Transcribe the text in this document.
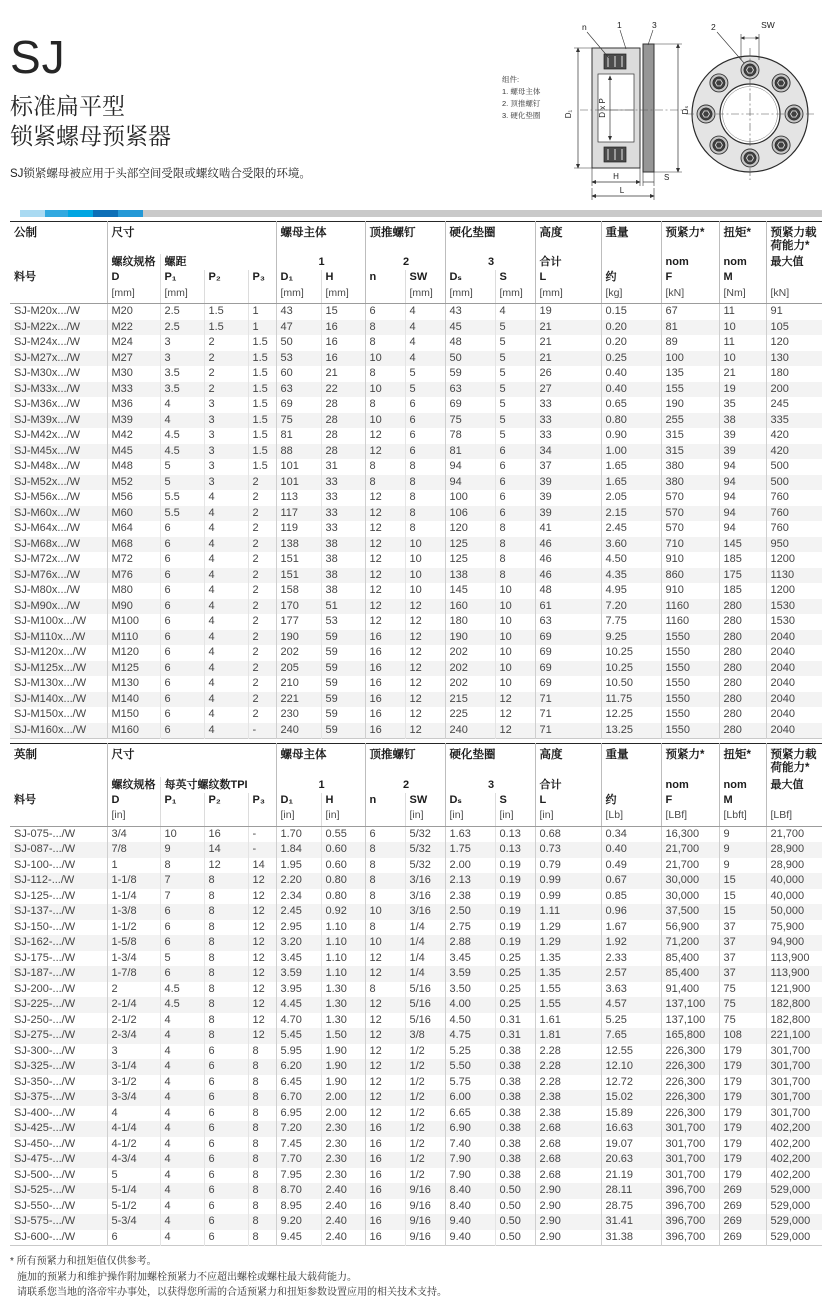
组件:
1. 螺母主体
2. 顶推螺钉
3. 硬化垫圈	D₁	D x P	Dₛ
H	S
L
n	1	3	2	SW
SJ
标准扁平型
锁紧螺母预紧器
SJ锁紧螺母被应用于头部空间受限或螺纹啮合受限的环境。
公制	尺寸				螺母主体		顶推螺钉		硬化垫圈		高度	重量	预紧力*	扭矩*	预紧力载荷能力*
	螺纹规格	螺距			1		2		3		合计		nom	nom	最大值
料号	D	P₁	P₂	P₃	D₁	H	n	SW	Dₛ	S	L	约	F	M	
	[mm]	[mm]			[mm]	[mm]		[mm]	[mm]	[mm]	[mm]	[kg]	[kN]	[Nm]	[kN]
SJ-M20x.../W	M20	2.5	1.5	1	43	15	6	4	43	4	19	0.15	67	11	91
SJ-M22x.../W	M22	2.5	1.5	1	47	16	8	4	45	5	21	0.20	81	10	105
SJ-M24x.../W	M24	3	2	1.5	50	16	8	4	48	5	21	0.20	89	11	120
SJ-M27x.../W	M27	3	2	1.5	53	16	10	4	50	5	21	0.25	100	10	130
SJ-M30x.../W	M30	3.5	2	1.5	60	21	8	5	59	5	26	0.40	135	21	180
SJ-M33x.../W	M33	3.5	2	1.5	63	22	10	5	63	5	27	0.40	155	19	200
SJ-M36x.../W	M36	4	3	1.5	69	28	8	6	69	5	33	0.65	190	35	245
SJ-M39x.../W	M39	4	3	1.5	75	28	10	6	75	5	33	0.80	255	38	335
SJ-M42x.../W	M42	4.5	3	1.5	81	28	12	6	78	5	33	0.90	315	39	420
SJ-M45x.../W	M45	4.5	3	1.5	88	28	12	6	81	6	34	1.00	315	39	420
SJ-M48x.../W	M48	5	3	1.5	101	31	8	8	94	6	37	1.65	380	94	500
SJ-M52x.../W	M52	5	3	2	101	33	8	8	94	6	39	1.65	380	94	500
SJ-M56x.../W	M56	5.5	4	2	113	33	12	8	100	6	39	2.05	570	94	760
SJ-M60x.../W	M60	5.5	4	2	117	33	12	8	106	6	39	2.15	570	94	760
SJ-M64x.../W	M64	6	4	2	119	33	12	8	120	8	41	2.45	570	94	760
SJ-M68x.../W	M68	6	4	2	138	38	12	10	125	8	46	3.60	710	145	950
SJ-M72x.../W	M72	6	4	2	151	38	12	10	125	8	46	4.50	910	185	1200
SJ-M76x.../W	M76	6	4	2	151	38	12	10	138	8	46	4.35	860	175	1130
SJ-M80x.../W	M80	6	4	2	158	38	12	10	145	10	48	4.95	910	185	1200
SJ-M90x.../W	M90	6	4	2	170	51	12	12	160	10	61	7.20	1160	280	1530
SJ-M100x.../W	M100	6	4	2	177	53	12	12	180	10	63	7.75	1160	280	1530
SJ-M110x.../W	M110	6	4	2	190	59	16	12	190	10	69	9.25	1550	280	2040
SJ-M120x.../W	M120	6	4	2	202	59	16	12	202	10	69	10.25	1550	280	2040
SJ-M125x.../W	M125	6	4	2	205	59	16	12	202	10	69	10.25	1550	280	2040
SJ-M130x.../W	M130	6	4	2	210	59	16	12	202	10	69	10.50	1550	280	2040
SJ-M140x.../W	M140	6	4	2	221	59	16	12	215	12	71	11.75	1550	280	2040
SJ-M150x.../W	M150	6	4	2	230	59	16	12	225	12	71	12.25	1550	280	2040
SJ-M160x.../W	M160	6	4	-	240	59	16	12	240	12	71	13.25	1550	280	2040
英制	尺寸				螺母主体		顶推螺钉		硬化垫圈		高度	重量	预紧力*	扭矩*	预紧力载荷能力*
	螺纹规格	每英寸螺纹数TPI			1		2		3		合计		nom	nom	最大值
料号	D	P₁	P₂	P₃	D₁	H	n	SW	Dₛ	S	L	约	F	M	
	[in]				[in]	[in]		[in]	[in]	[in]	[in]	[Lb]	[LBf]	[Lbft]	[LBf]
SJ-075-.../W	3/4	10	16	-	1.70	0.55	6	5/32	1.63	0.13	0.68	0.34	16,300	9	21,700
SJ-087-.../W	7/8	9	14	-	1.84	0.60	8	5/32	1.75	0.13	0.73	0.40	21,700	9	28,900
SJ-100-.../W	1	8	12	14	1.95	0.60	8	5/32	2.00	0.19	0.79	0.49	21,700	9	28,900
SJ-112-.../W	1-1/8	7	8	12	2.20	0.80	8	3/16	2.13	0.19	0.99	0.67	30,000	15	40,000
SJ-125-.../W	1-1/4	7	8	12	2.34	0.80	8	3/16	2.38	0.19	0.99	0.85	30,000	15	40,000
SJ-137-.../W	1-3/8	6	8	12	2.45	0.92	10	3/16	2.50	0.19	1.11	0.96	37,500	15	50,000
SJ-150-.../W	1-1/2	6	8	12	2.95	1.10	8	1/4	2.75	0.19	1.29	1.67	56,900	37	75,900
SJ-162-.../W	1-5/8	6	8	12	3.20	1.10	10	1/4	2.88	0.19	1.29	1.92	71,200	37	94,900
SJ-175-.../W	1-3/4	5	8	12	3.45	1.10	12	1/4	3.45	0.25	1.35	2.33	85,400	37	113,900
SJ-187-.../W	1-7/8	6	8	12	3.59	1.10	12	1/4	3.59	0.25	1.35	2.57	85,400	37	113,900
SJ-200-.../W	2	4.5	8	12	3.95	1.30	8	5/16	3.50	0.25	1.55	3.63	91,400	75	121,900
SJ-225-.../W	2-1/4	4.5	8	12	4.45	1.30	12	5/16	4.00	0.25	1.55	4.57	137,100	75	182,800
SJ-250-.../W	2-1/2	4	8	12	4.70	1.30	12	5/16	4.50	0.31	1.61	5.25	137,100	75	182,800
SJ-275-.../W	2-3/4	4	8	12	5.45	1.50	12	3/8	4.75	0.31	1.81	7.65	165,800	108	221,100
SJ-300-.../W	3	4	6	8	5.95	1.90	12	1/2	5.25	0.38	2.28	12.55	226,300	179	301,700
SJ-325-.../W	3-1/4	4	6	8	6.20	1.90	12	1/2	5.50	0.38	2.28	12.10	226,300	179	301,700
SJ-350-.../W	3-1/2	4	6	8	6.45	1.90	12	1/2	5.75	0.38	2.28	12.72	226,300	179	301,700
SJ-375-.../W	3-3/4	4	6	8	6.70	2.00	12	1/2	6.00	0.38	2.38	15.02	226,300	179	301,700
SJ-400-.../W	4	4	6	8	6.95	2.00	12	1/2	6.65	0.38	2.38	15.89	226,300	179	301,700
SJ-425-.../W	4-1/4	4	6	8	7.20	2.30	16	1/2	6.90	0.38	2.68	16.63	301,700	179	402,200
SJ-450-.../W	4-1/2	4	6	8	7.45	2.30	16	1/2	7.40	0.38	2.68	19.07	301,700	179	402,200
SJ-475-.../W	4-3/4	4	6	8	7.70	2.30	16	1/2	7.90	0.38	2.68	20.63	301,700	179	402,200
SJ-500-.../W	5	4	6	8	7.95	2.30	16	1/2	7.90	0.38	2.68	21.19	301,700	179	402,200
SJ-525-.../W	5-1/4	4	6	8	8.70	2.40	16	9/16	8.40	0.50	2.90	28.11	396,700	269	529,000
SJ-550-.../W	5-1/2	4	6	8	8.95	2.40	16	9/16	8.40	0.50	2.90	28.75	396,700	269	529,000
SJ-575-.../W	5-3/4	4	6	8	9.20	2.40	16	9/16	9.40	0.50	2.90	31.41	396,700	269	529,000
SJ-600-.../W	6	4	6	8	9.45	2.40	16	9/16	9.40	0.50	2.90	31.38	396,700	269	529,000
* 所有预紧力和扭矩值仅供参考。
施加的预紧力和维护操作附加螺栓预紧力不应超出螺栓或螺柱最大载荷能力。
请联系您当地的洛帝牢办事处，以获得您所需的合适预紧力和扭矩参数设置应用的相关技术支持。
